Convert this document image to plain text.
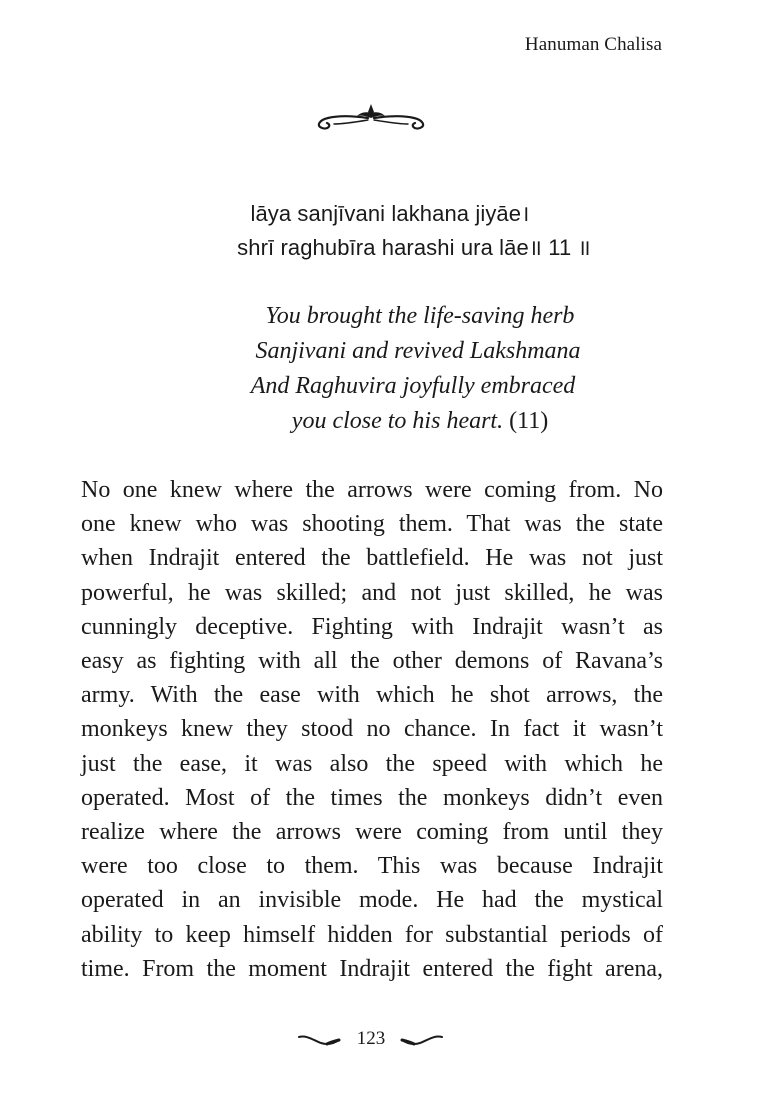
Hanuman Chalisa
lāya sanjīvani lakhana jiyāe।
shrī raghubīra harashi ura lāe॥ 11 ॥
You brought the life-saving herb
Sanjivani and revived Lakshmana
And Raghuvira joyfully embraced
you close to his heart. (11)
No one knew where the arrows were coming from. No
one knew who was shooting them. That was the state
when Indrajit entered the battlefield. He was not just
powerful, he was skilled; and not just skilled, he was
cunningly deceptive. Fighting with Indrajit wasn’t as
easy as fighting with all the other demons of Ravana’s
army. With the ease with which he shot arrows, the
monkeys knew they stood no chance. In fact it wasn’t
just the ease, it was also the speed with which he
operated. Most of the times the monkeys didn’t even
realize where the arrows were coming from until they
were too close to them. This was because Indrajit
operated in an invisible mode. He had the mystical
ability to keep himself hidden for substantial periods of
time. From the moment Indrajit entered the fight arena,
123
